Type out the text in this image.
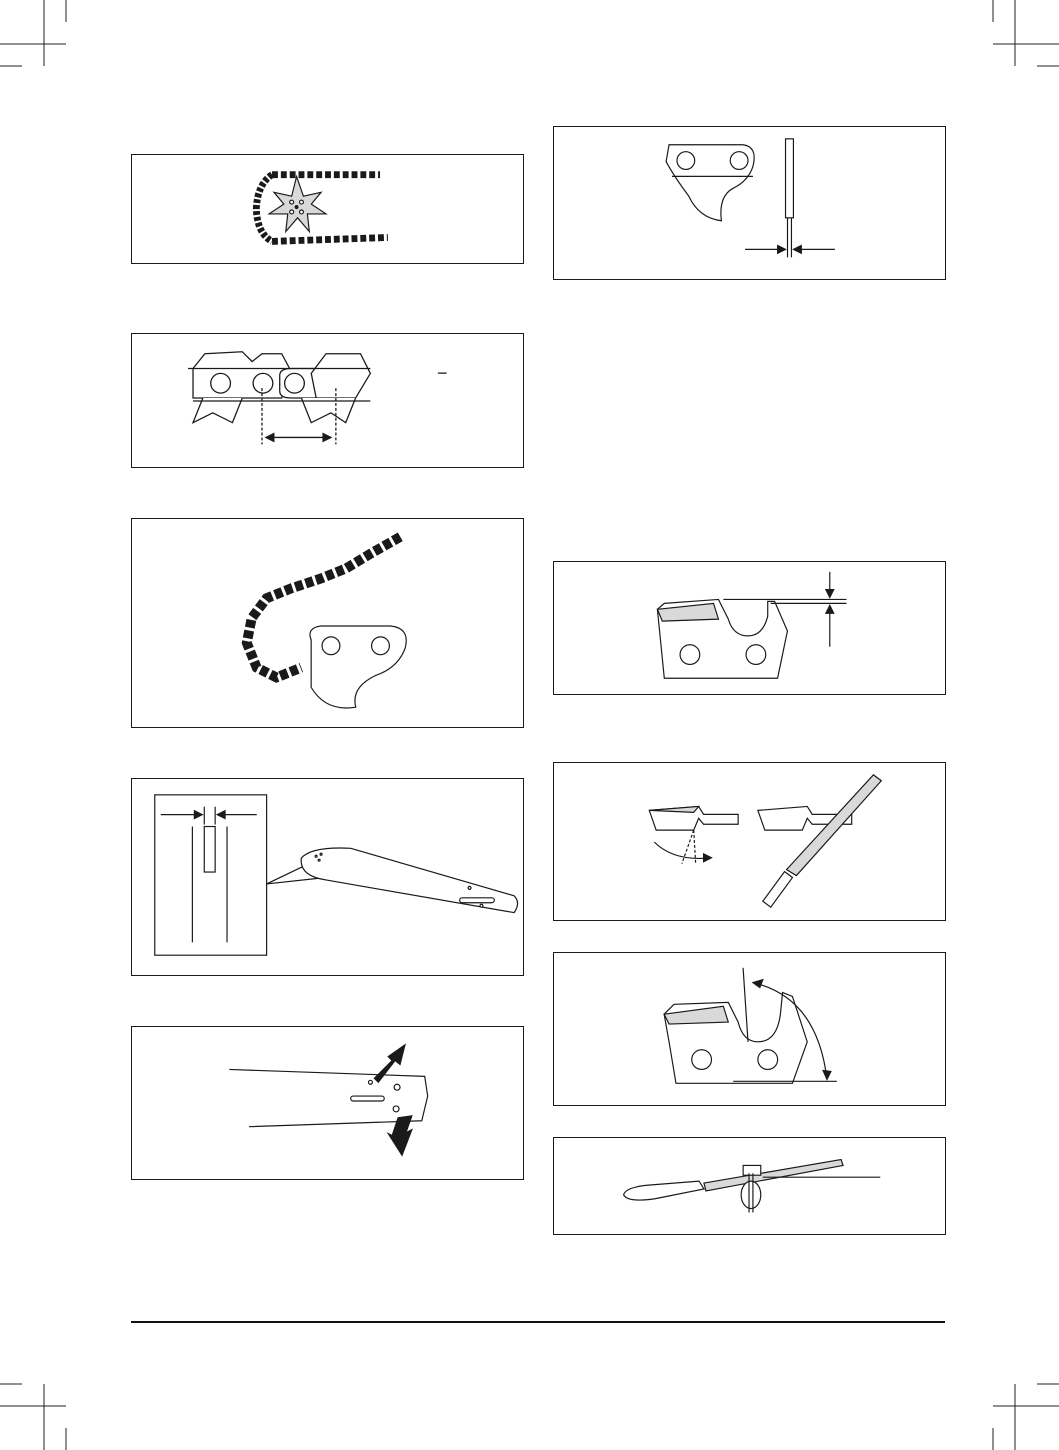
−
